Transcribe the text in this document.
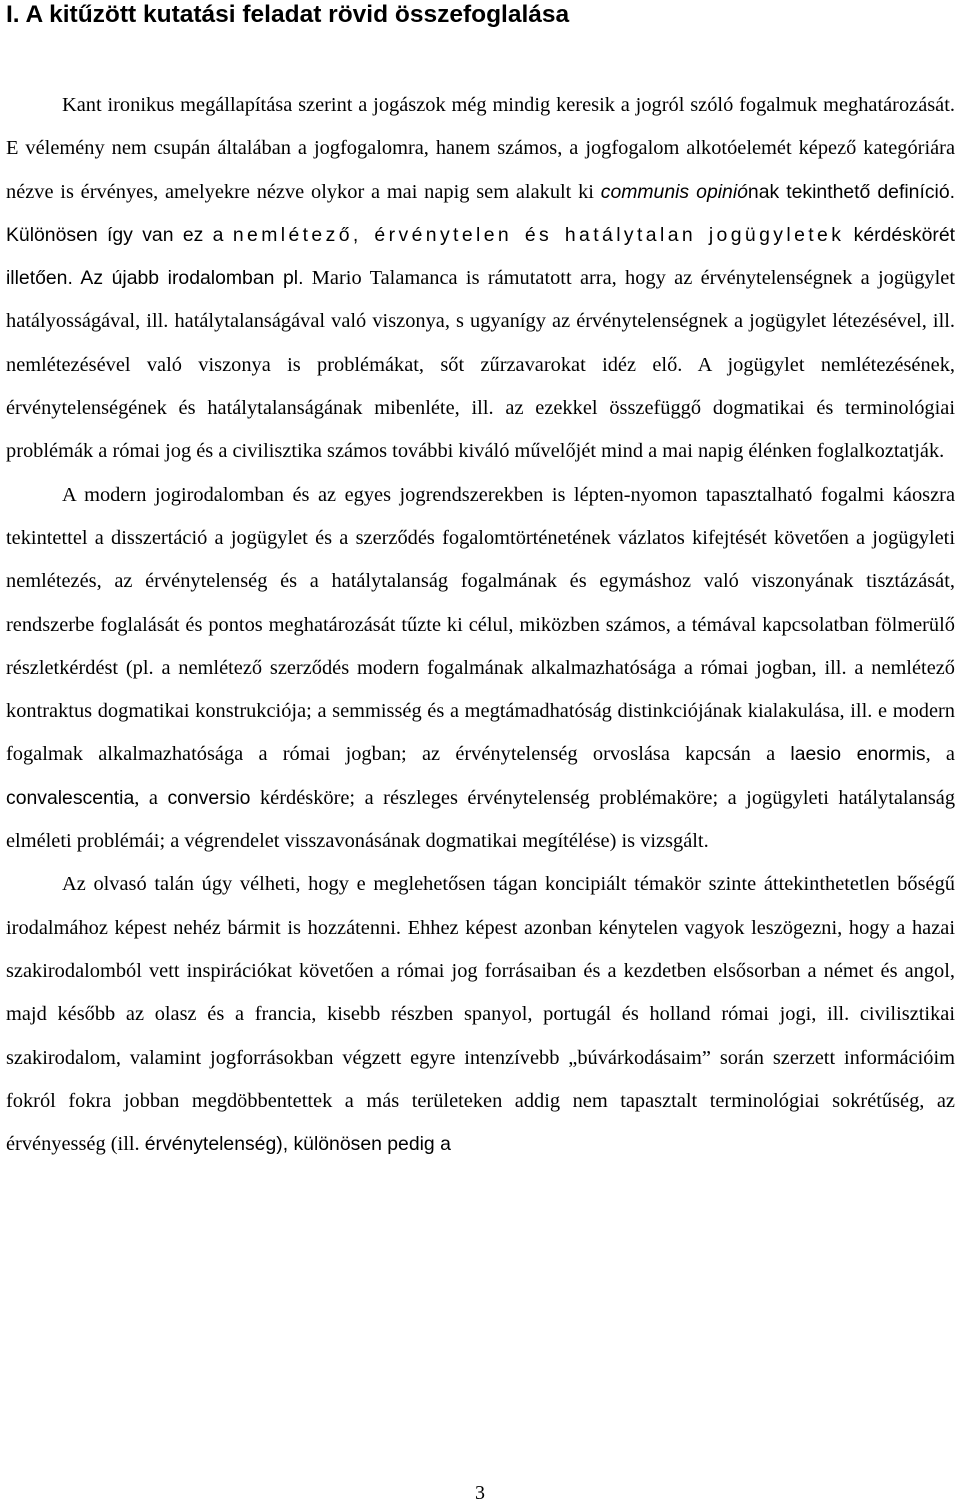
I. A kitűzött kutatási feladat rövid összefoglalása

Kant ironikus megállapítása szerint a jogászok még mindig keresik a jogról szóló fogalmuk meghatározását. E vélemény nem csupán általában a jogfogalomra, hanem számos, a jogfogalom alkotóelemét képező kategóriára nézve is érvényes, amelyekre nézve olykor a mai napig sem alakult ki communis opiniónak tekinthető definíció. Különösen így van ez a nemlétező, érvénytelen és hatálytalan jogügyletek kérdéskörét illetően. Az újabb irodalomban pl. Mario Talamanca is rámutatott arra, hogy az érvénytelenségnek a jogügylet hatályosságával, ill. hatálytalanságával való viszonya, s ugyanígy az érvénytelenségnek a jogügylet létezésével, ill. nemlétezésével való viszonya is problémákat, sőt zűrzavarokat idéz elő. A jogügylet nemlétezésének, érvénytelenségének és hatálytalanságának mibenléte, ill. az ezekkel összefüggő dogmatikai és terminológiai problémák a római jog és a civilisztika számos további kiváló művelőjét mind a mai napig élénken foglalkoztatják.

A modern jogirodalomban és az egyes jogrendszerekben is lépten-nyomon tapasztalható fogalmi káoszra tekintettel a disszertáció a jogügylet és a szerződés fogalomtörténetének vázlatos kifejtését követően a jogügyleti nemlétezés, az érvénytelenség és a hatálytalanság fogalmának és egymáshoz való viszonyának tisztázását, rendszerbe foglalását és pontos meghatározását tűzte ki célul, miközben számos, a témával kapcsolatban fölmerülő részletkérdést (pl. a nemlétező szerződés modern fogalmának alkalmazhatósága a római jogban, ill. a nemlétező kontraktus dogmatikai konstrukciója; a semmisség és a megtámadhatóság distinkciójának kialakulása, ill. e modern fogalmak alkalmazhatósága a római jogban; az érvénytelenség orvoslása kapcsán a laesio enormis, a convalescentia, a conversio kérdésköre; a részleges érvénytelenség problémaköre; a jogügyleti hatálytalanság elméleti problémái; a végrendelet visszavonásának dogmatikai megítélése) is vizsgált.

Az olvasó talán úgy vélheti, hogy e meglehetősen tágan koncipiált témakör szinte áttekinthetetlen bőségű irodalmához képest nehéz bármit is hozzátenni. Ehhez képest azonban kénytelen vagyok leszögezni, hogy a hazai szakirodalomból vett inspirációkat követően a római jog forrásaiban és a kezdetben elsősorban a német és angol, majd később az olasz és a francia, kisebb részben spanyol, portugál és holland római jogi, ill. civilisztikai szakirodalom, valamint jogforrásokban végzett egyre intenzívebb „búvárkodásaim” során szerzett információim fokról fokra jobban megdöbbentettek a más területeken addig nem tapasztalt terminológiai sokrétűség, az érvényesség (ill. érvénytelenség), különösen pedig a

3
